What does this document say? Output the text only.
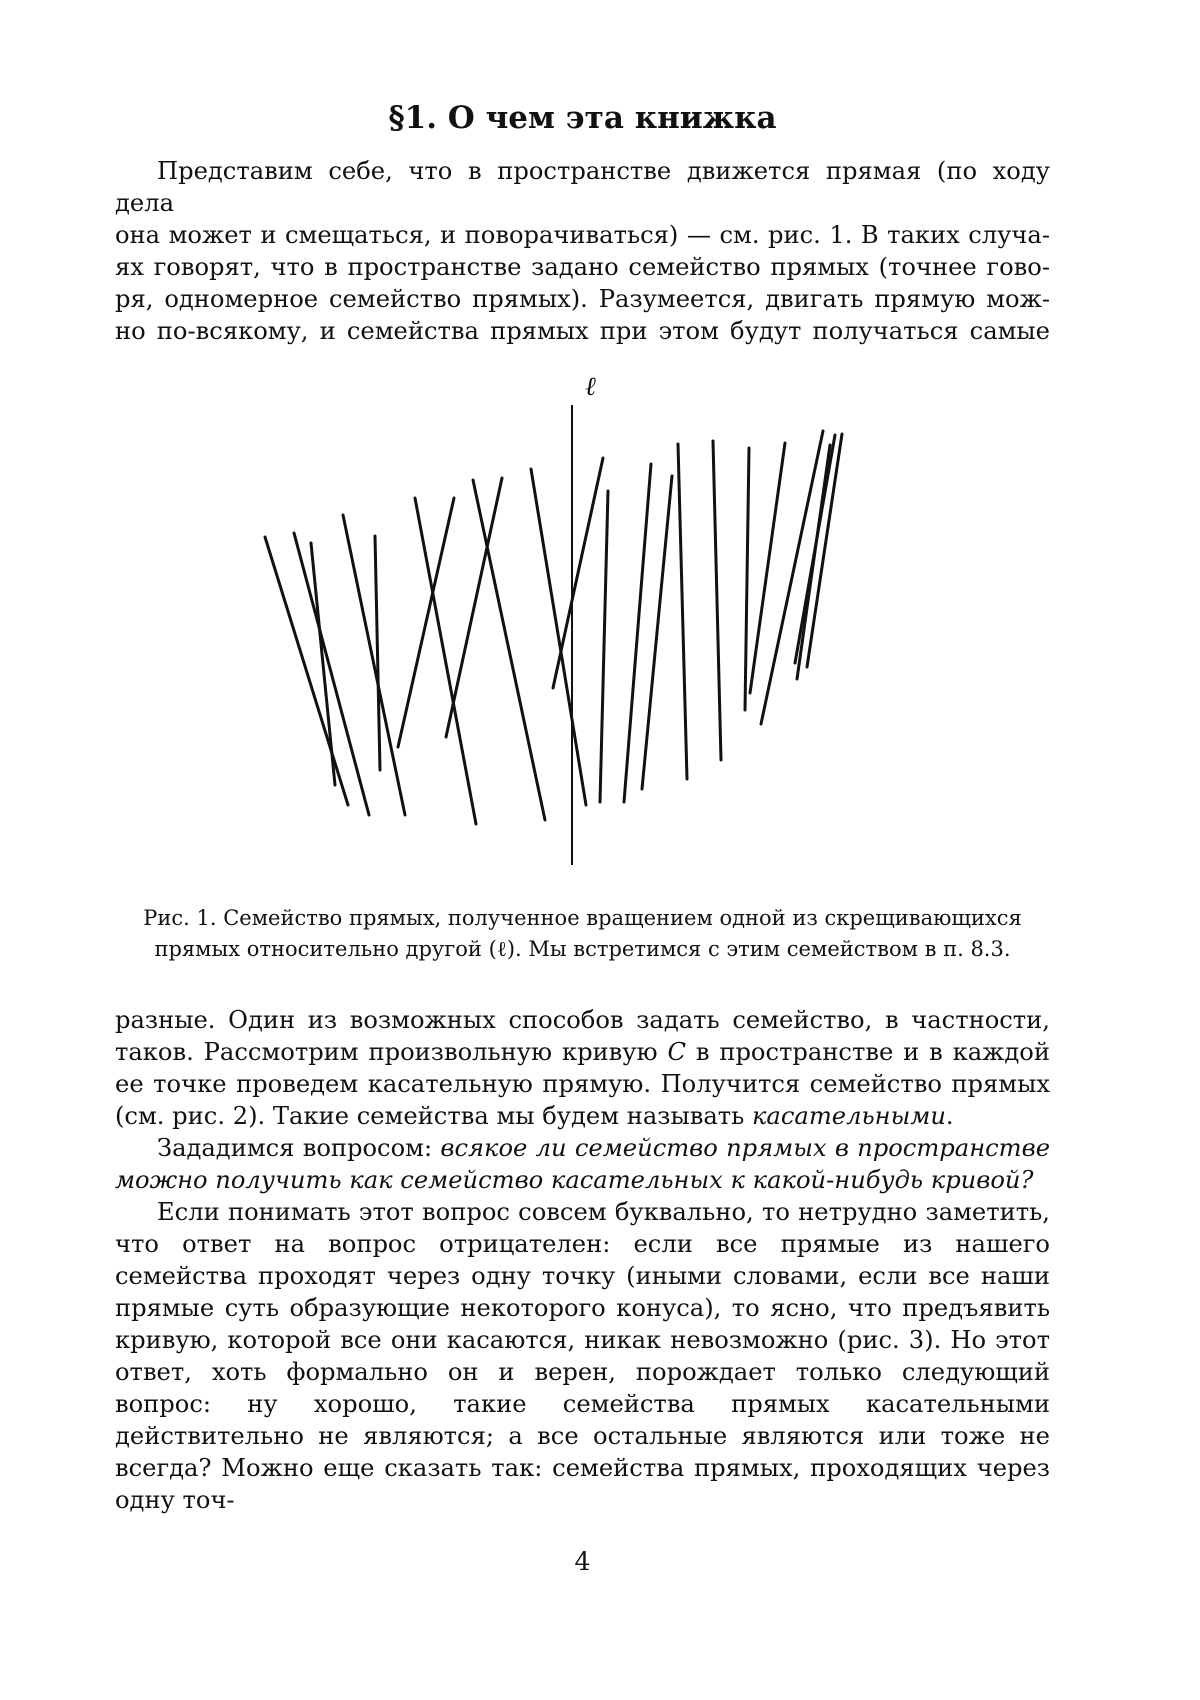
§1. О чем эта книжка

Представим себе, что в пространстве движется прямая (по ходу дела

она может и смещаться, и поворачиваться) — см. рис. 1. В таких случа-

ях говорят, что в пространстве задано семейство прямых (точнее гово-

ря, одномерное семейство прямых). Разумеется, двигать прямую мож-

но по-всякому, и семейства прямых при этом будут получаться самые

ℓ
Рис. 1. Семейство прямых, полученное вращением одной из скрещивающихся
прямых относительно другой (ℓ). Мы встретимся с этим семейством в п. 8.3.

разные. Один из возможных способов задать семейство, в частности, таков. Рассмотрим произвольную кривую C в пространстве и в каждой ее точке проведем касательную прямую. Получится семейство прямых (см. рис. 2). Такие семейства мы будем называть касательными.

Зададимся вопросом: всякое ли семейство прямых в пространстве можно получить как семейство касательных к какой-нибудь кривой?

Если понимать этот вопрос совсем буквально, то нетрудно заметить, что ответ на вопрос отрицателен: если все прямые из нашего семейства проходят через одну точку (иными словами, если все наши прямые суть образующие некоторого конуса), то ясно, что предъявить кривую, которой все они касаются, никак невозможно (рис. 3). Но этот ответ, хоть формально он и верен, порождает только следующий вопрос: ну хорошо, такие семейства прямых касательными действительно не являются; а все остальные являются или тоже не всегда? Можно еще сказать так: семейства прямых, проходящих через одну точ-

4
